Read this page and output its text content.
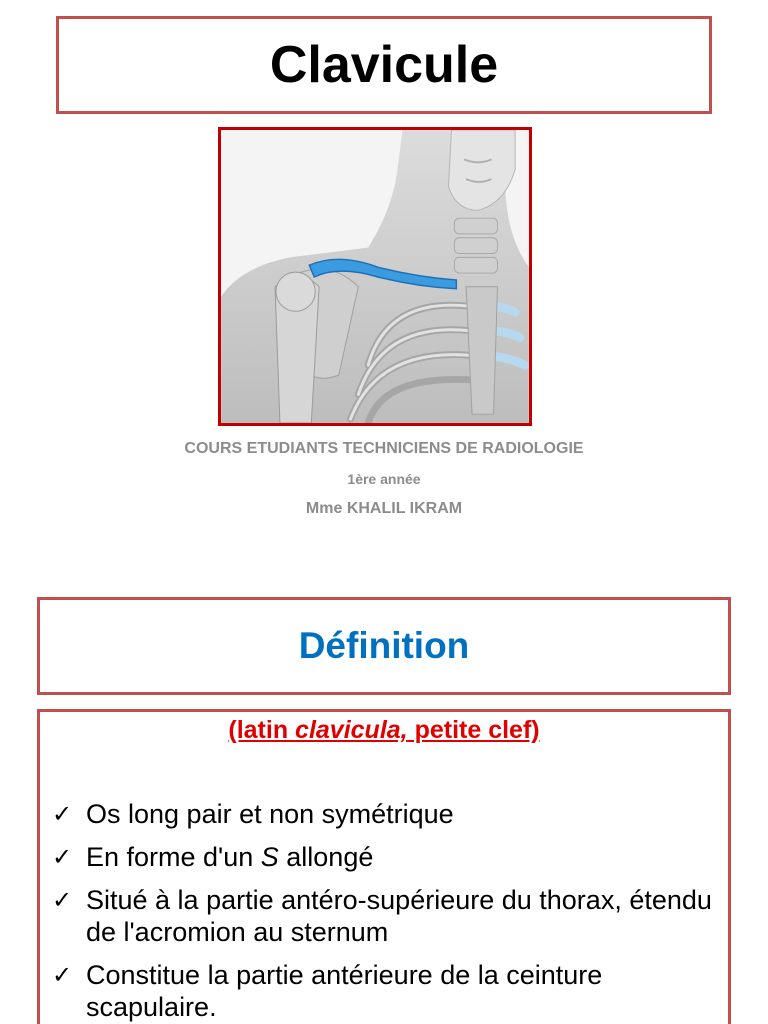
Clavicule
COURS ETUDIANTS TECHNICIENS DE RADIOLOGIE
1ère année
Mme KHALIL IKRAM
Définition
(latin clavicula, petite clef)
✓ Os long pair et non symétrique
✓ En forme d'un S allongé
✓ Situé à la partie antéro-supérieure du thorax, étendu de l'acromion au sternum
✓ Constitue la partie antérieure de la ceinture scapulaire.
